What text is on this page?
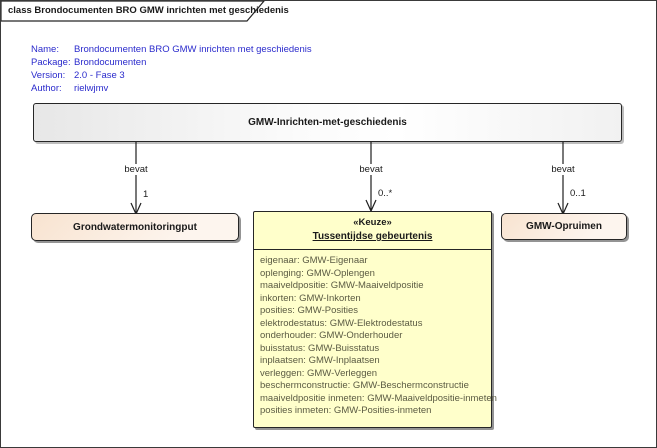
class Brondocumenten BRO GMW inrichten met geschiedenis
Name:	Brondocumenten BRO GMW inrichten met geschiedenis
Package: Brondocumenten
Version: 2.0 - Fase 3
Author:	rielwjmv
GMW-Inrichten-met-geschiedenis
bevat	bevat	bevat
1	0..*	0..1
Grondwatermonitoringput	«Keuze»
Tussentijdse gebeurtenis
eigenaar: GMW-Eigenaar
oplenging: GMW-Oplengen
maaiveldpositie: GMW-Maaiveldpositie
inkorten: GMW-Inkorten
posities: GMW-Posities
elektrodestatus: GMW-Elektrodestatus
onderhouder: GMW-Onderhouder
buisstatus: GMW-Buisstatus
inplaatsen: GMW-Inplaatsen
verleggen: GMW-Verleggen
beschermconstructie: GMW-Beschermconstructie
maaiveldpositie inmeten: GMW-Maaiveldpositie-inmeten
posities inmeten: GMW-Posities-inmeten
GMW-Opruimen
